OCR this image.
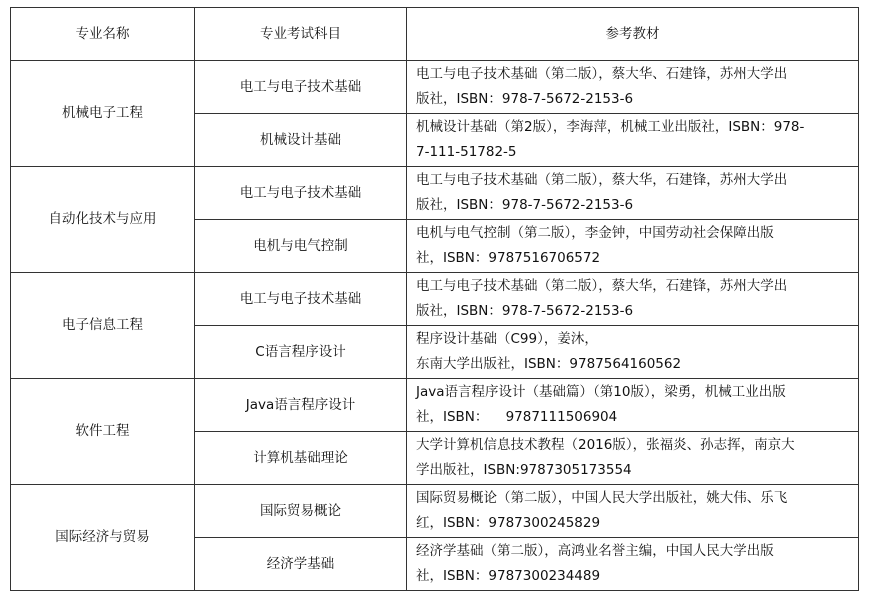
专业名称	专业考试科目	参考教材
机械电子工程	电工与电子技术基础	电工与电子技术基础（第二版），蔡大华、石建锋，苏州大学出
版社，ISBN：978-7-5672-2153-6

	机械设计基础	机械设计基础（第2版），李海萍，机械工业出版社，ISBN：978-
7-111-51782-5

自动化技术与应用	电工与电子技术基础	电工与电子技术基础（第二版），蔡大华，石建锋，苏州大学出
版社，ISBN：978-7-5672-2153-6

	电机与电气控制	电机与电气控制（第二版），李金钟，中国劳动社会保障出版
社，ISBN：9787516706572

电子信息工程	电工与电子技术基础	电工与电子技术基础（第二版），蔡大华，石建锋，苏州大学出
版社，ISBN：978-7-5672-2153-6

	C语言程序设计	程序设计基础（C99），姜沐，
东南大学出版社，ISBN：9787564160562

软件工程	Java语言程序设计	Java语言程序设计（基础篇）（第10版），梁勇，机械工业出版
社，ISBN：    9787111506904

	计算机基础理论	大学计算机信息技术教程（2016版），张福炎、孙志挥，南京大
学出版社，ISBN:9787305173554

国际经济与贸易	国际贸易概论	国际贸易概论（第二版），中国人民大学出版社，姚大伟、乐飞
红，ISBN：9787300245829

	经济学基础	经济学基础（第二版），高鸿业名誉主编，中国人民大学出版
社，ISBN：9787300234489
